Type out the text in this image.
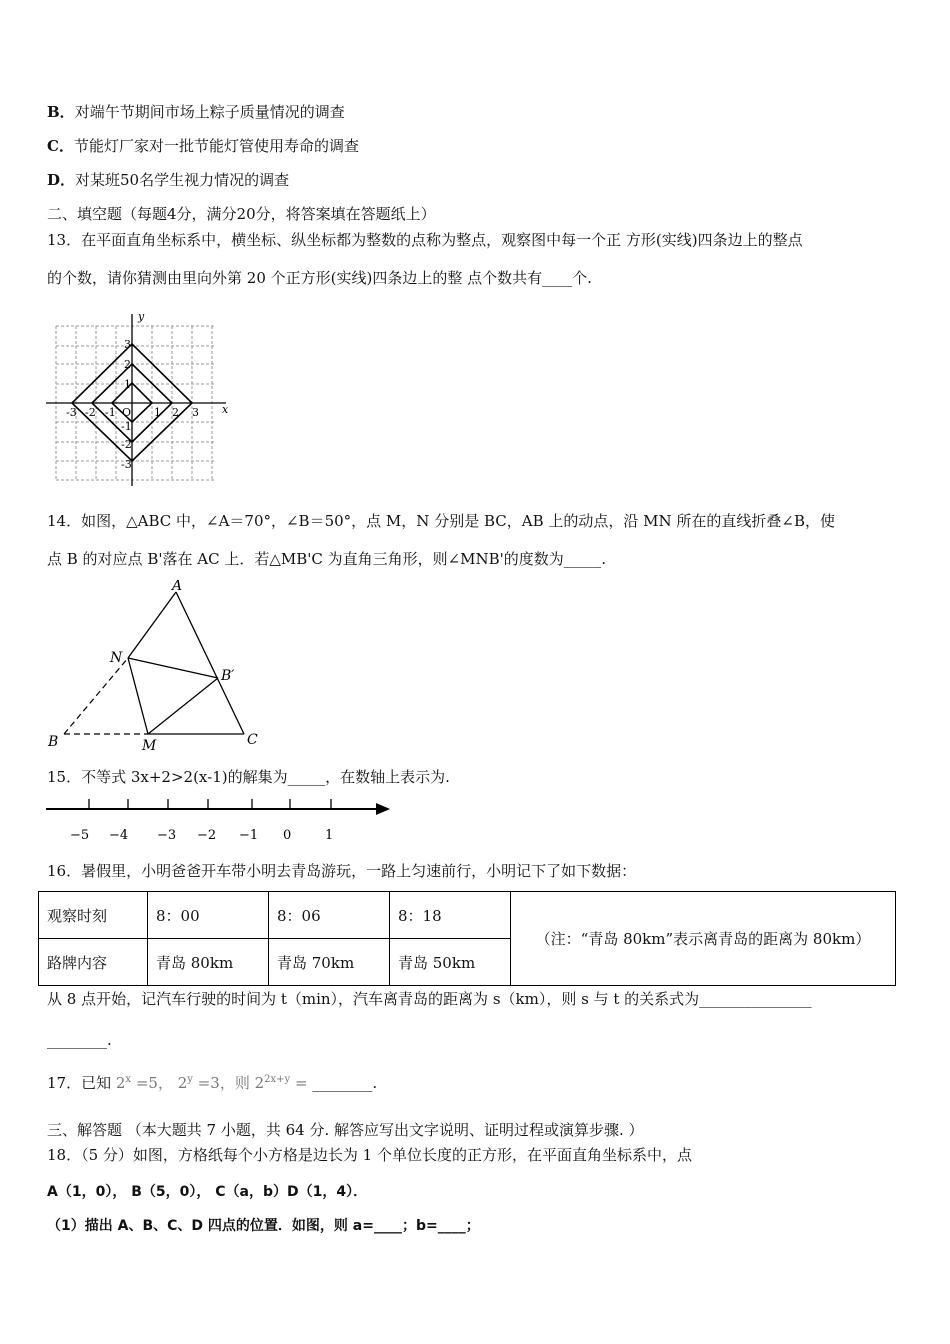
B．对端午节期间市场上粽子质量情况的调查
C．节能灯厂家对一批节能灯管使用寿命的调查
D．对某班50名学生视力情况的调查
二、填空题（每题4分，满分20分，将答案填在答题纸上）
13．在平面直角坐标系中，横坐标、纵坐标都为整数的点称为整点，观察图中每一个正 方形(实线)四条边上的整点
的个数，请你猜测由里向外第 20 个正方形(实线)四条边上的整 点个数共有____个.
y
x
O
-3 -2 -1	1 2 3
3
2
1
-1
-2
-3
14．如图，△ABC 中，∠A＝70°，∠B＝50°，点 M，N 分别是 BC，AB 上的动点，沿 MN 所在的直线折叠∠B，使
点 B 的对应点 B'落在 AC 上．若△MB'C 为直角三角形，则∠MNB'的度数为_____.
A
N
B′
B	M	C
15．不等式 3x+2>2(x-1)的解集为_____，在数轴上表示为.
−5 −4 −3 −2 −1 0	1
16．暑假里，小明爸爸开车带小明去青岛游玩，一路上匀速前行，小明记下了如下数据：
观察时刻	8：00	8：06	8：18	（注：“青岛 80km”表示离青岛的距离为 80km）
路牌内容	青岛 80km	青岛 70km	青岛 50km	
从 8 点开始，记汽车行驶的时间为 t（min），汽车离青岛的距离为 s（km），则 s 与 t 的关系式为_______________
________.
17．已知 $2^x =5$， $2^y =3$，则 $2^{2x+y}$ = ________.
三、解答题 （本大题共 7 小题，共 64 分. 解答应写出文字说明、证明过程或演算步骤. ）
18．（5 分）如图，方格纸每个小方格是边长为 1 个单位长度的正方形，在平面直角坐标系中，点
A（1，0）， B（5，0）， C（a，b）D（1，4）．
（1）描出 A、B、C、D 四点的位置．如图，则 a=____；b=____；
